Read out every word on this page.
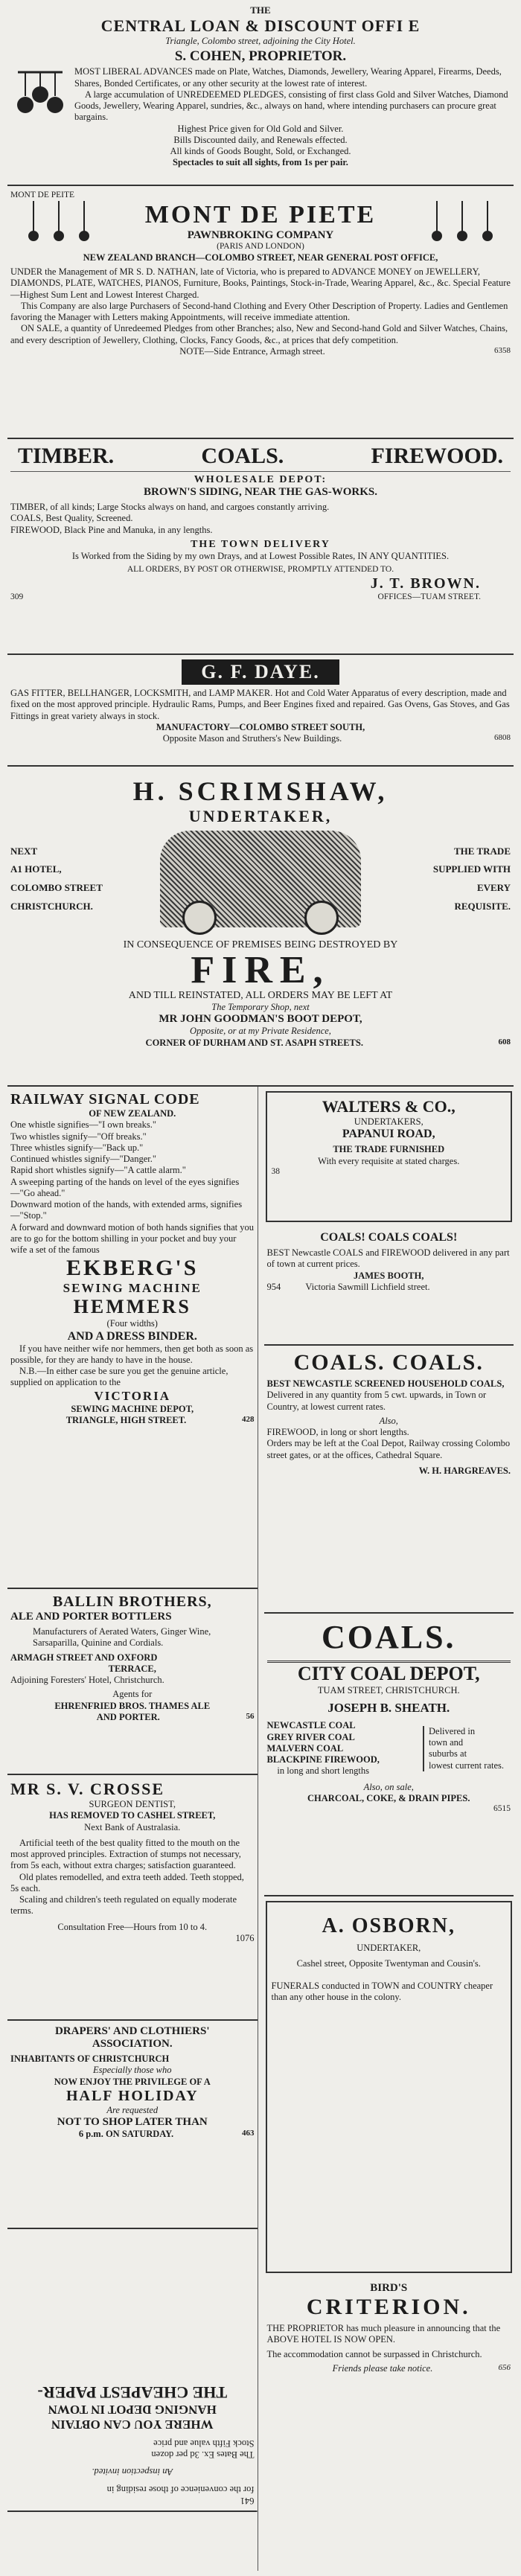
THE
CENTRAL LOAN & DISCOUNT OFFI E
Triangle, Colombo street, adjoining the City Hotel.
S. COHEN, PROPRIETOR.
MOST LIBERAL ADVANCES made on Plate, Watches, Diamonds, Jewellery, Wearing Apparel, Firearms, Deeds, Shares, Bonded Certificates, or any other security at the lowest rate of interest.
A large accumulation of UNREDEEMED PLEDGES, consisting of first class Gold and Silver Watches, Diamond Goods, Jewellery, Wearing Apparel, sundries, &c., always on hand, where intending purchasers can procure great bargains.
Highest Price given for Old Gold and Silver.
Bills Discounted daily, and Renewals effected.
All kinds of Goods Bought, Sold, or Exchanged.
Spectacles to suit all sights, from 1s per pair.
MONT DE PEITE
MONT DE PIETE
PAWNBROKING COMPANY
(PARIS AND LONDON)
NEW ZEALAND BRANCH—COLOMBO STREET, NEAR GENERAL POST OFFICE,
UNDER the Management of MR S. D. NATHAN, late of Victoria, who is prepared to ADVANCE MONEY on JEWELLERY, DIAMONDS, PLATE, WATCHES, PIANOS, Furniture, Books, Paintings, Stock-in-Trade, Wearing Apparel, &c., &c. Special Feature—Highest Sum Lent and Lowest Interest Charged.
This Company are also large Purchasers of Second-hand Clothing and Every Other Description of Property. Ladies and Gentlemen favoring the Manager with Letters making Appointments, will receive immediate attention.
ON SALE, a quantity of Unredeemed Pledges from other Branches; also, New and Second-hand Gold and Silver Watches, Chains, and every description of Jewellery, Clothing, Clocks, Fancy Goods, &c., at prices that defy competition.
NOTE—Side Entrance, Armagh street.	6358
TIMBER.	COALS.	FIREWOOD.
WHOLESALE DEPOT:
BROWN'S SIDING, NEAR THE GAS-WORKS.
TIMBER, of all kinds; Large Stocks always on hand, and cargoes constantly arriving.
COALS, Best Quality, Screened.
FIREWOOD, Black Pine and Manuka, in any lengths.
THE TOWN DELIVERY
Is Worked from the Siding by my own Drays, and at Lowest Possible Rates, IN ANY QUANTITIES.
ALL ORDERS, BY POST OR OTHERWISE, PROMPTLY ATTENDED TO.
J. T. BROWN.
309	OFFICES—TUAM STREET.
G. F. DAYE.
GAS FITTER, BELLHANGER, LOCKSMITH, and LAMP MAKER. Hot and Cold Water Apparatus of every description, made and fixed on the most approved principle. Hydraulic Rams, Pumps, and Beer Engines fixed and repaired. Gas Ovens, Gas Stoves, and Gas Fittings in great variety always in stock.
MANUFACTORY—COLOMBO STREET SOUTH,
Opposite Mason and Struthers's New Buildings.	6808
H. SCRIMSHAW,
UNDERTAKER,
NEXT
A1 HOTEL,
COLOMBO STREET
CHRISTCHURCH.
THE TRADE
SUPPLIED WITH
EVERY
REQUISITE.
IN CONSEQUENCE OF PREMISES BEING DESTROYED BY
FIRE,
AND TILL REINSTATED, ALL ORDERS MAY BE LEFT AT
The Temporary Shop, next
MR JOHN GOODMAN'S BOOT DEPOT,
Opposite, or at my Private Residence,
CORNER OF DURHAM AND ST. ASAPH STREETS.	608
RAILWAY SIGNAL CODE
OF NEW ZEALAND.
One whistle signifies—"I own breaks."
Two whistles signify—"Off breaks."
Three whistles signify—"Back up."
Continued whistles signify—"Danger."
Rapid short whistles signify—"A cattle alarm."
A sweeping parting of the hands on level of the eyes signifies—"Go ahead."
Downward motion of the hands, with extended arms, signifies—"Stop."
A forward and downward motion of both hands signifies that you are to go for the bottom shilling in your pocket and buy your wife a set of the famous
EKBERG'S
SEWING MACHINE
HEMMERS
(Four widths)
AND A DRESS BINDER.
If you have neither wife nor hemmers, then get both as soon as possible, for they are handy to have in the house.
N.B.—In either case be sure you get the genuine article, supplied on application to the
VICTORIA
SEWING MACHINE DEPOT,
TRIANGLE, HIGH STREET.	428
BALLIN BROTHERS,
ALE AND PORTER BOTTLERS
Manufacturers of Aerated Waters, Ginger Wine, Sarsaparilla, Quinine and Cordials.
ARMAGH STREET AND OXFORD
TERRACE,
Adjoining Foresters' Hotel, Christchurch.
Agents for
EHRENFRIED BROS. THAMES ALE
AND PORTER.	56
MR S. V. CROSSE
SURGEON DENTIST,
HAS REMOVED TO CASHEL STREET,
Next Bank of Australasia.
Artificial teeth of the best quality fitted to the mouth on the most approved principles. Extraction of stumps not necessary, from 5s each, without extra charges; satisfaction guaranteed.
Old plates remodelled, and extra teeth added. Teeth stopped, 5s each.
Scaling and children's teeth regulated on equally moderate terms.
Consultation Free—Hours from 10 to 4.
1076
DRAPERS' AND CLOTHIERS'
ASSOCIATION.
INHABITANTS OF CHRISTCHURCH
Especially those who
NOW ENJOY THE PRIVILEGE OF A
HALF HOLIDAY
Are requested
NOT TO SHOP LATER THAN
6 p.m. ON SATURDAY.	463
641
for the convenience of those residing in
An inspection invited.
The Bates Ex. 3d per dozen
Stock Fifth value and price
WHERE YOU CAN OBTAIN
HANGING DEPOT IN TOWN
THE CHEAPEST PAPER-
WALTERS & CO.,
UNDERTAKERS,
PAPANUI ROAD,
THE TRADE FURNISHED
With every requisite at stated charges.
38
COALS! COALS COALS!
BEST Newcastle COALS and FIREWOOD delivered in any part of town at current prices.
JAMES BOOTH,
954	Victoria Sawmill Lichfield street.
COALS. COALS.
BEST NEWCASTLE SCREENED HOUSEHOLD COALS,
Delivered in any quantity from 5 cwt. upwards, in Town or Country, at lowest current rates.
Also,
FIREWOOD, in long or short lengths.
Orders may be left at the Coal Depot, Railway crossing Colombo street gates, or at the offices, Cathedral Square.
W. H. HARGREAVES.
COALS.
CITY COAL DEPOT,
TUAM STREET, CHRISTCHURCH.
JOSEPH B. SHEATH.
NEWCASTLE COAL
GREY RIVER COAL
MALVERN COAL
BLACKPINE FIREWOOD,
in long and short lengths
Delivered in
town and
suburbs at
lowest current rates.
Also, on sale,
CHARCOAL, COKE, & DRAIN PIPES.
6515
A. OSBORN,
UNDERTAKER,
Cashel street, Opposite Twentyman and Cousin's.
FUNERALS conducted in TOWN and COUNTRY cheaper than any other house in the colony.
BIRD'S
CRITERION.
THE PROPRIETOR has much pleasure in announcing that the ABOVE HOTEL IS NOW OPEN.
The accommodation cannot be surpassed in Christchurch.
Friends please take notice.	656
